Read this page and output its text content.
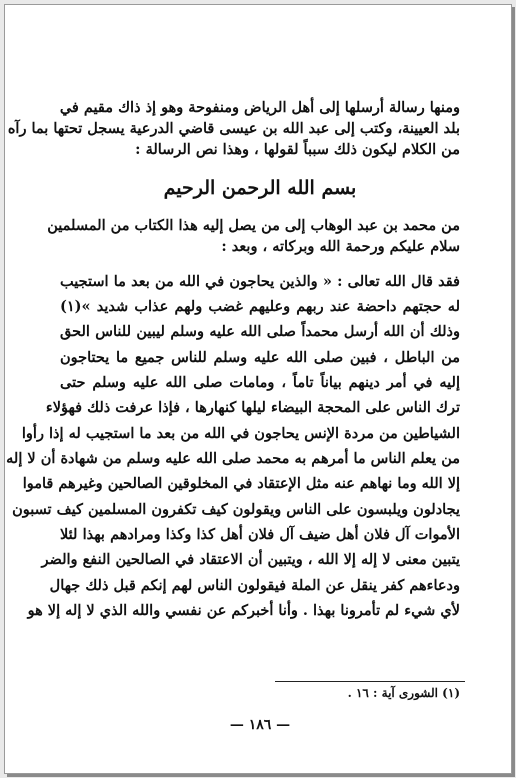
ومنها رسالة أرسلها إلى أهل الرياض ومنفوحة وهو إذ ذاك مقيم في
بلد العيينة، وكتب إلى عبد الله بن عيسى قاضي الدرعية يسجل تحتها بما رآه
من الكلام ليكون ذلك سبباً لقولها ، وهذا نص الرسالة :
بسم الله الرحمن الرحيم
من محمد بن عبد الوهاب إلى من يصل إليه هذا الكتاب من المسلمين
سلام عليكم ورحمة الله وبركاته ، وبعد :
فقد قال الله تعالى : « والذين يحاجون في الله من بعد ما استجيب
له حجتهم داحضة عند ربهم وعليهم غضب ولهم عذاب شديد »(١)
وذلك أن الله أرسل محمداً صلى الله عليه وسلم ليبين للناس الحق
من الباطل ، فبين صلى الله عليه وسلم للناس جميع ما يحتاجون
إليه في أمر دينهم بياناً تاماً ، ومامات صلى الله عليه وسلم حتى
ترك الناس على المحجة البيضاء ليلها كنهارها ، فإذا عرفت ذلك فهؤلاء
الشياطين من مردة الإنس يحاجون في الله من بعد ما استجيب له إذا رأوا
من يعلم الناس ما أمرهم به محمد صلى الله عليه وسلم من شهادة أن لا إله
إلا الله وما نهاهم عنه مثل الإعتقاد في المخلوقين الصالحين وغيرهم قاموا
يجادلون ويلبسون على الناس ويقولون كيف تكفرون المسلمين كيف تسبون
الأموات آل فلان أهل ضيف آل فلان أهل كذا وكذا ومرادهم بهذا لئلا
يتبين معنى لا إله إلا الله ، ويتبين أن الاعتقاد في الصالحين النفع والضر
ودعاءهم كفر ينقل عن الملة فيقولون الناس لهم إنكم قبل ذلك جهال
لأي شيء لم تأمرونا بهذا . وأنا أخبركم عن نفسي والله الذي لا إله إلا هو
(١) الشورى آية : ١٦ .
— ١٨٦ —
